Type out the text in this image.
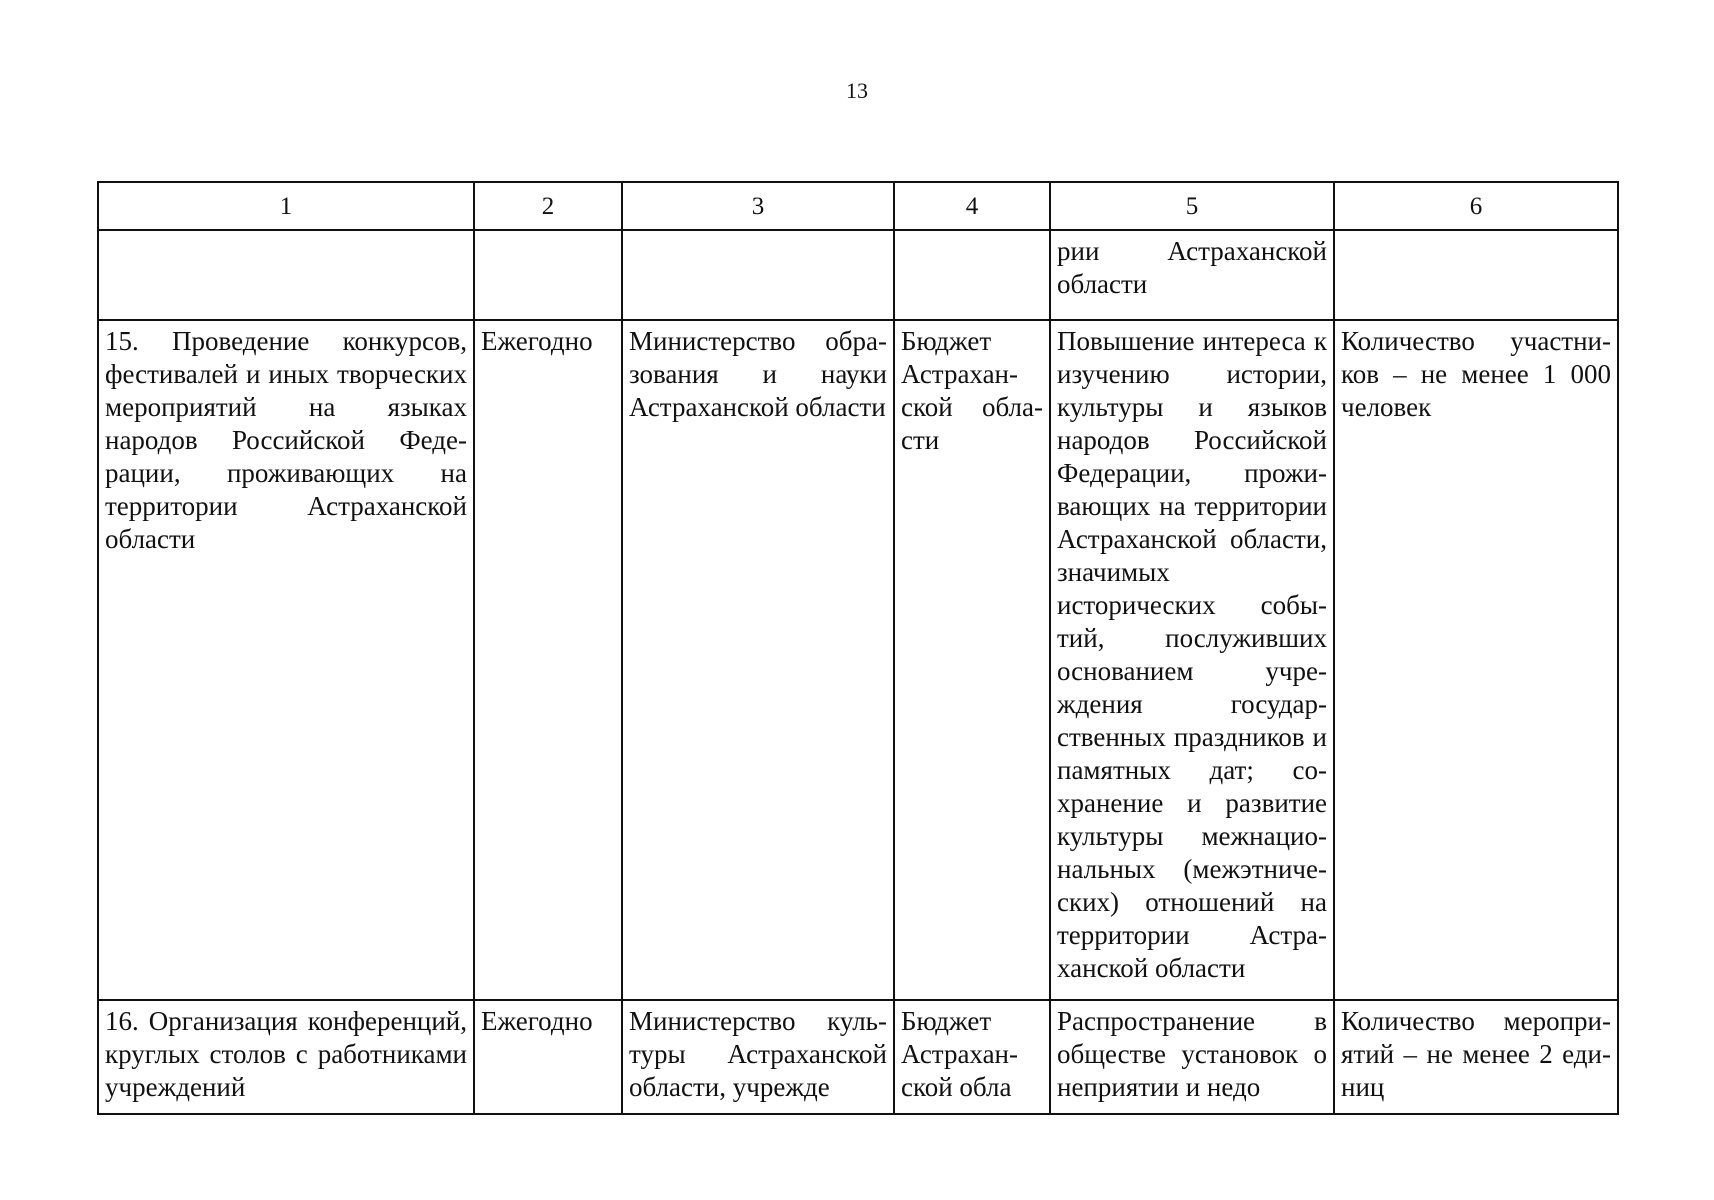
13
1	2	3	4	5	6
				рии Астраханской области	
15. Проведение конкурсов, фестивалей и иных творческих мероприятий на языках народов Российской Федерации, проживающих на территории Астраханской области	Ежегодно	Министерство образования и науки Астраханской области	Бюджет Астраханской области	Повышение интереса к изучению истории, культуры и языков народов Российской Федерации, проживающих на территории Астраханской области, значимых исторических событий, послуживших основанием учреждения государственных праздников и памятных дат; сохранение и развитие культуры межнациональных (межэтнических) отношений на территории Астраханской области	Количество участников – не менее 1 000 человек
16. Организация конференций, круглых столов с работниками учреждений	Ежегодно	Министерство культуры Астраханской области, учрежде	Бюджет Астраханской обла	Распространение в обществе установок о неприятии и недо	Количество мероприятий – не менее 2 единиц
